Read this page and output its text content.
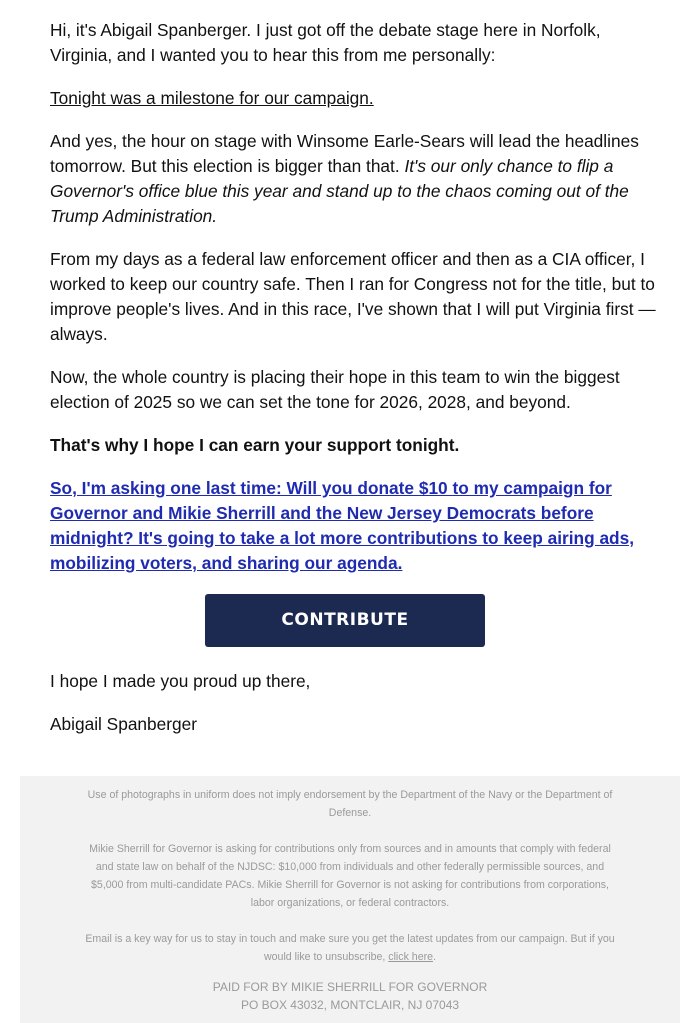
Hi, it's Abigail Spanberger. I just got off the debate stage here in Norfolk, Virginia, and I wanted you to hear this from me personally:

Tonight was a milestone for our campaign.

And yes, the hour on stage with Winsome Earle-Sears will lead the headlines tomorrow. But this election is bigger than that. It's our only chance to flip a Governor's office blue this year and stand up to the chaos coming out of the Trump Administration.

From my days as a federal law enforcement officer and then as a CIA officer, I worked to keep our country safe. Then I ran for Congress not for the title, but to improve people's lives. And in this race, I've shown that I will put Virginia first — always.

Now, the whole country is placing their hope in this team to win the biggest election of 2025 so we can set the tone for 2026, 2028, and beyond.

That's why I hope I can earn your support tonight.

So, I'm asking one last time: Will you donate $10 to my campaign for Governor and Mikie Sherrill and the New Jersey Democrats before midnight? It's going to take a lot more contributions to keep airing ads, mobilizing voters, and sharing our agenda.

CONTRIBUTE

I hope I made you proud up there,

Abigail Spanberger

Use of photographs in uniform does not imply endorsement by the Department of the Navy or the Department of Defense.

Mikie Sherrill for Governor is asking for contributions only from sources and in amounts that comply with federal and state law on behalf of the NJDSC: $10,000 from individuals and other federally permissible sources, and $5,000 from multi-candidate PACs. Mikie Sherrill for Governor is not asking for contributions from corporations, labor organizations, or federal contractors.

Email is a key way for us to stay in touch and make sure you get the latest updates from our campaign. But if you would like to unsubscribe, click here.

PAID FOR BY MIKIE SHERRILL FOR GOVERNOR
PO BOX 43032, MONTCLAIR, NJ 07043
